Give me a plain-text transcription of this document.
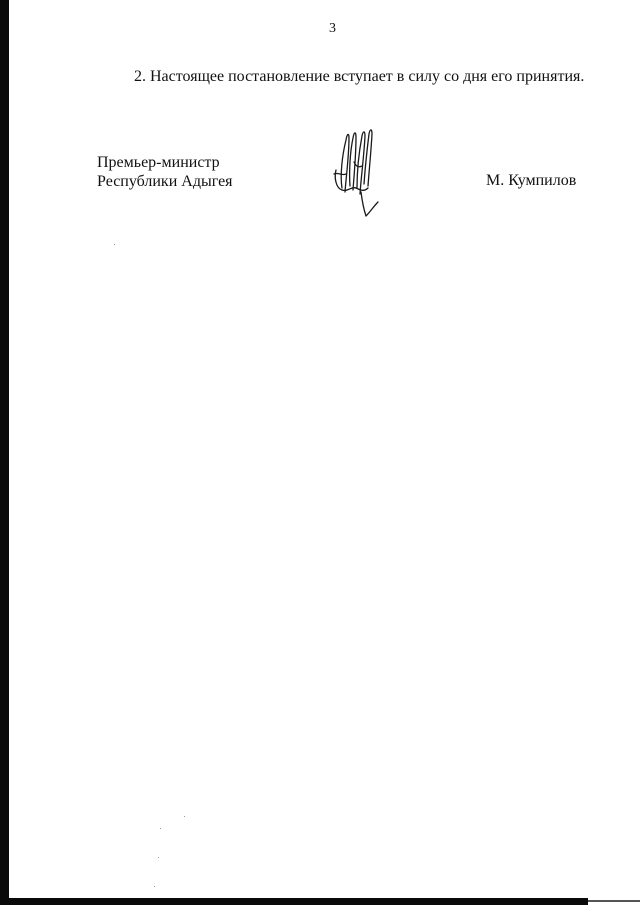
3
2. Настоящее постановление вступает в силу со дня его принятия.
Премьер-министр
Республики Адыгея	М. Кумпилов
